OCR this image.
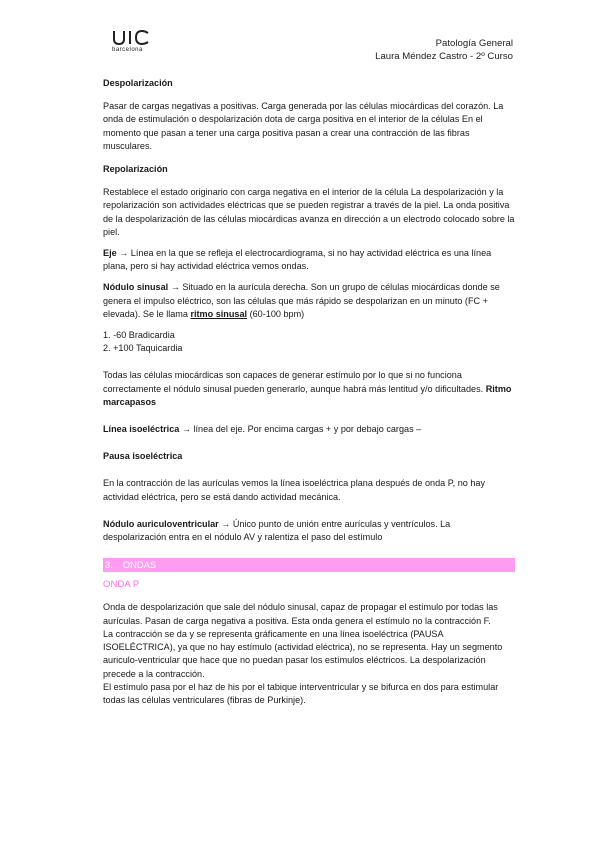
barcelona
Patología General
Laura Méndez Castro - 2º Curso

Despolarización

Pasar de cargas negativas a positivas. Carga generada por las células miocárdicas del corazón. La onda de estimulación o despolarización dota de carga positiva en el interior de la células En el momento que pasan a tener una carga positiva pasan a crear una contracción de las fibras musculares.

Repolarización

Restablece el estado originario con carga negativa en el interior de la célula La despolarización y la repolarización son actividades eléctricas que se pueden registrar a través de la piel. La onda positiva de la despolarización de las células miocárdicas avanza en dirección a un electrodo colocado sobre la piel.

Eje → Línea en la que se refleja el electrocardiograma, si no hay actividad eléctrica es una línea plana, pero si hay actividad eléctrica vemos ondas.

Nódulo sinusal → Situado en la aurícula derecha. Son un grupo de células miocárdicas donde se genera el impulso eléctrico, son las células que más rápido se despolarizan en un minuto (FC + elevada). Se le llama ritmo sinusal (60-100 bpm)

1. -60 Bradicardia

2. +100 Taquicardia

Todas las células miocárdicas son capaces de generar estímulo por lo que si no funciona correctamente el nódulo sinusal pueden generarlo, aunque habrá más lentitud y/o dificultades. Ritmo marcapasos

Línea isoeléctrica → línea del eje. Por encima cargas + y por debajo cargas –

Pausa isoeléctrica

En la contracción de las aurículas vemos la línea isoeléctrica plana después de onda P, no hay actividad eléctrica, pero se está dando actividad mecánica.

Nódulo auriculoventricular → Único punto de unión entre aurículas y ventrículos. La despolarización entra en el nódulo AV y ralentiza el paso del estímulo

3. ONDAS

ONDA P

Onda de despolarización que sale del nódulo sinusal, capaz de propagar el estímulo por todas las aurículas. Pasan de carga negativa a positiva. Esta onda genera el estímulo no la contracción F.

La contracción se da y se representa gráficamente en una línea isoeléctrica (PAUSA ISOELÉCTRICA), ya que no hay estímulo (actividad eléctrica), no se representa. Hay un segmento auriculo-ventricular que hace que no puedan pasar los estímulos eléctricos. La despolarización precede a la contracción.

El estímulo pasa por el haz de his por el tabique interventricular y se bifurca en dos para estimular todas las células ventriculares (fibras de Purkinje).
